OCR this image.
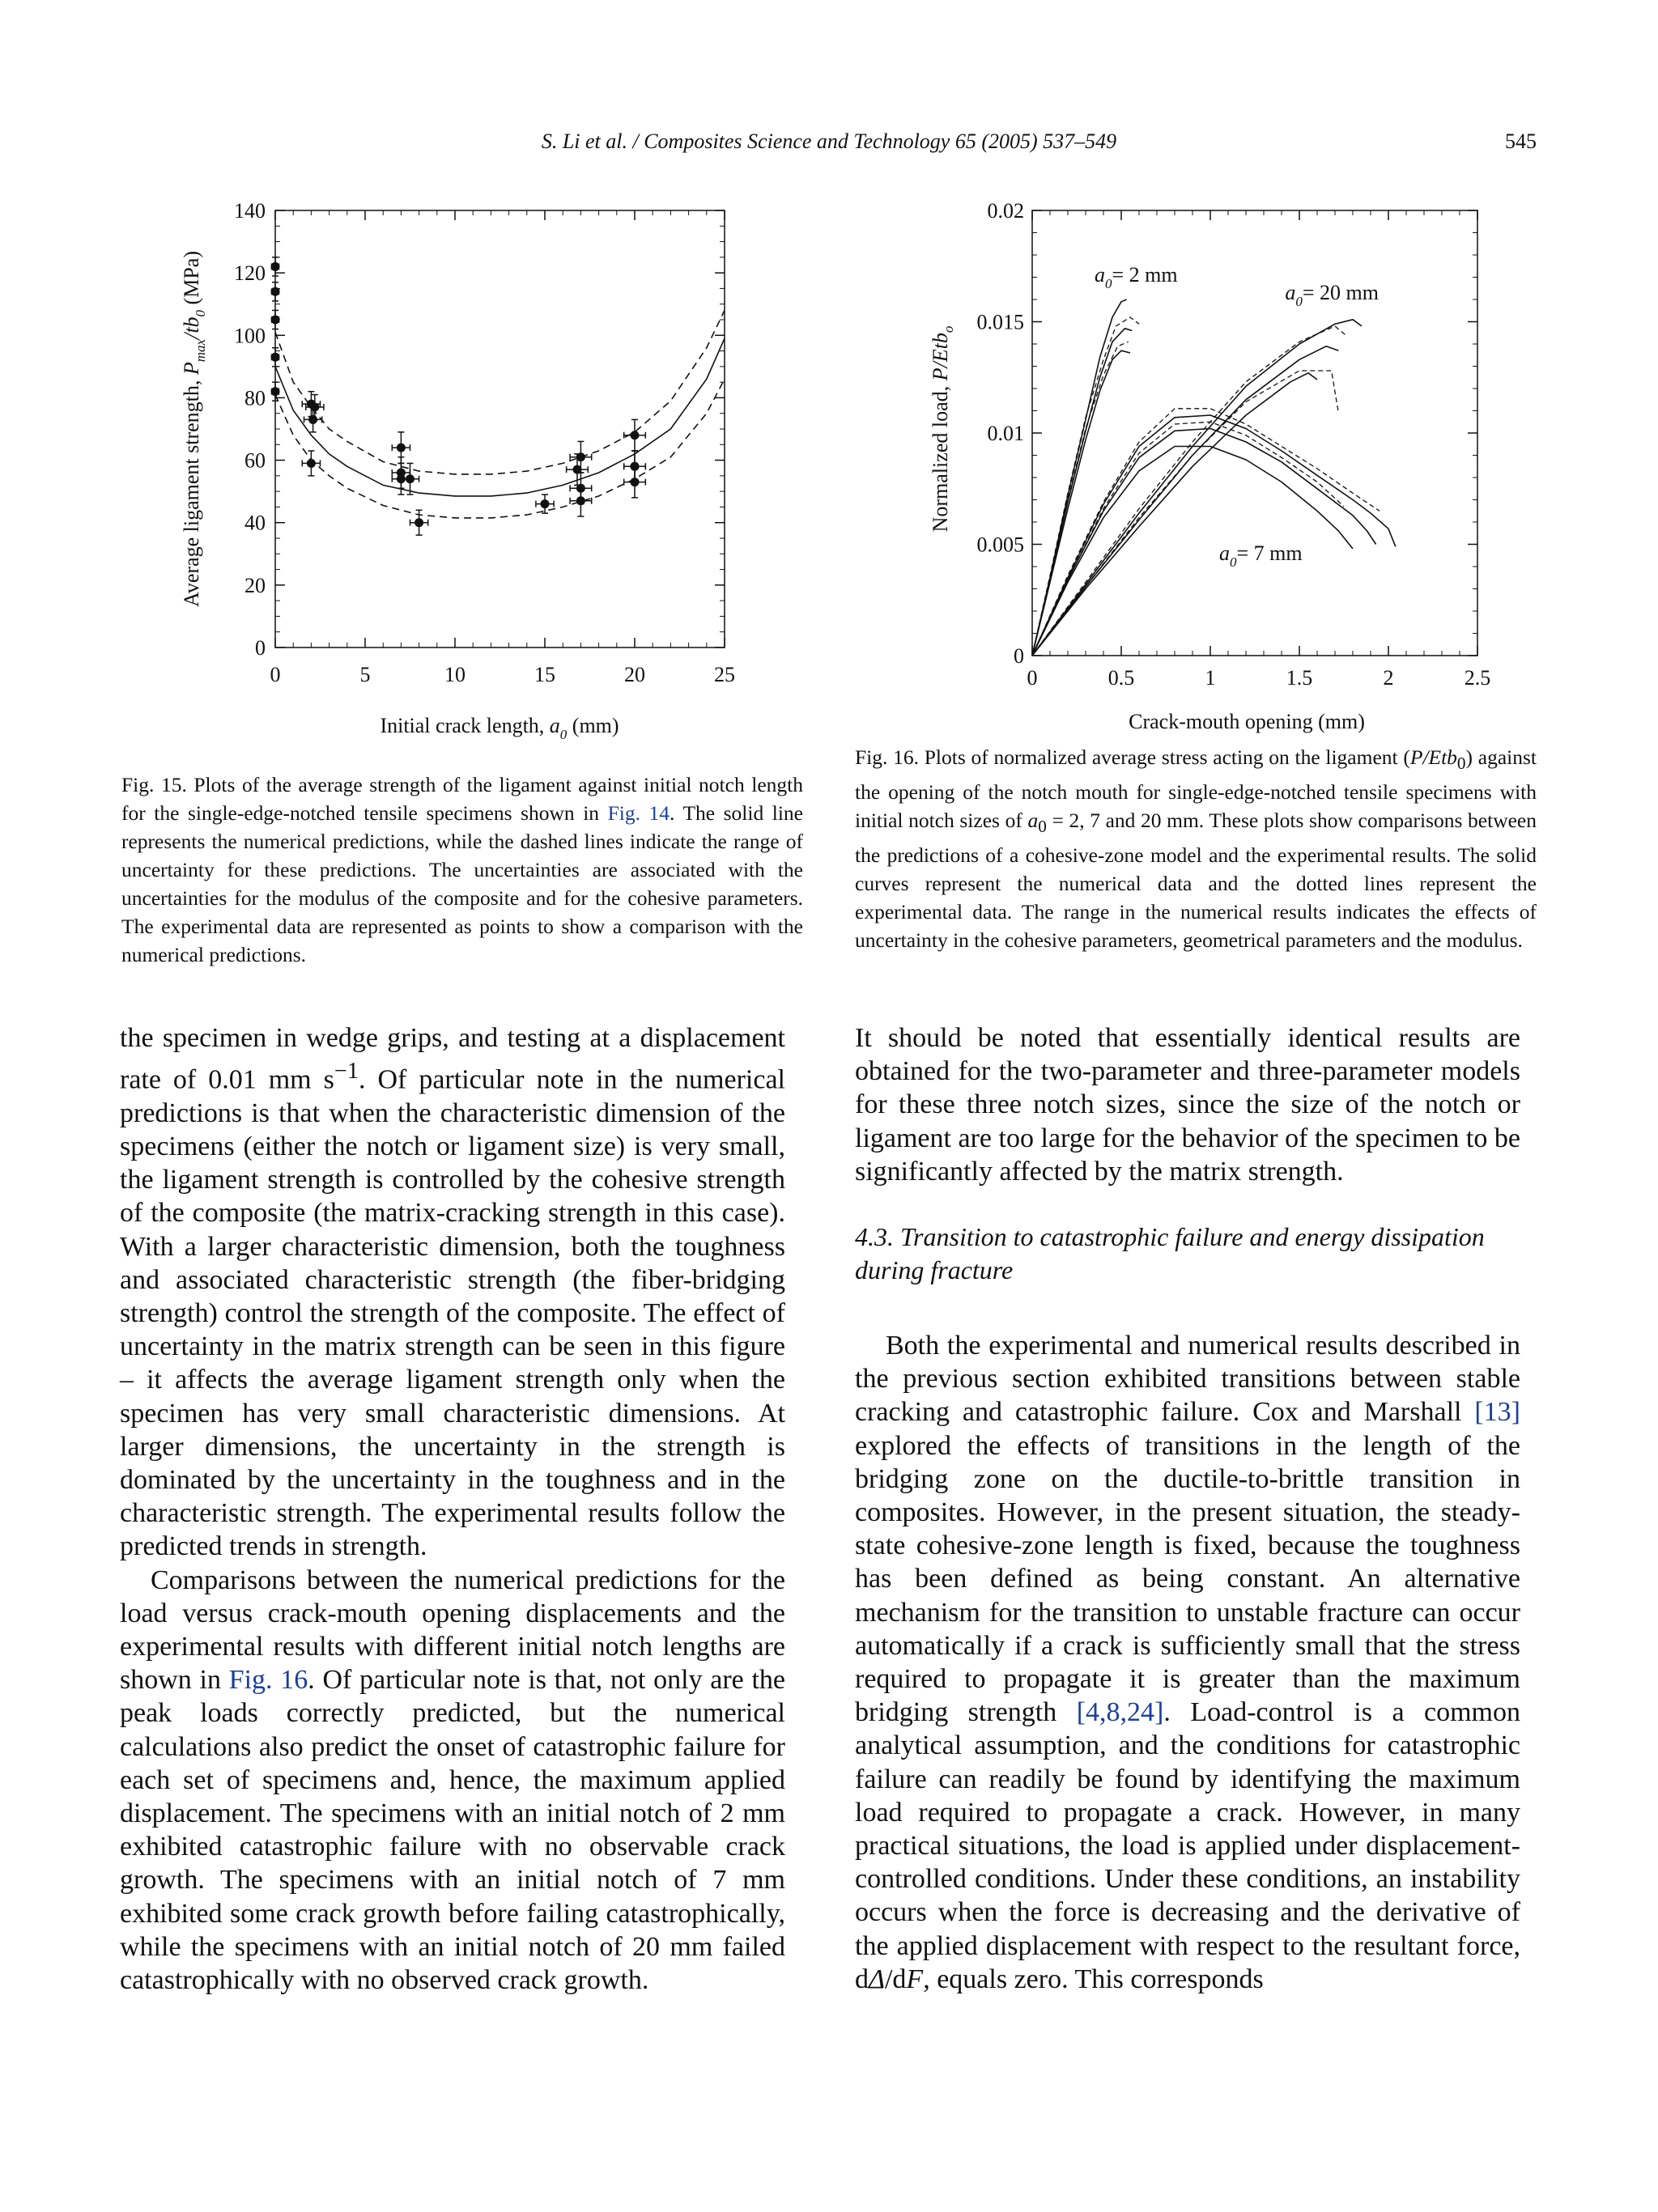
S. Li et al. / Composites Science and Technology 65 (2005) 537–549	545
0	5	10	15	20	25
0
20
40
60
80
100
120
140
Initial crack length, $a_0$ (mm)
Average ligament strength, $P_{max}/tb_0$ (MPa)
0	0.5	1	1.5	2	2.5
0
0.005
0.01
0.015
0.02
$a_0= 2$ mm
$a_0= 20$ mm
$a_0= 7$ mm
Crack-mouth opening (mm)
Normalized load, P/Etb$_o$
Fig. 15. Plots of the average strength of the ligament against initial notch length for the single-edge-notched tensile specimens shown in Fig. 14. The solid line represents the numerical predictions, while the dashed lines indicate the range of uncertainty for these predictions. The uncertainties are associated with the uncertainties for the modulus of the composite and for the cohesive parameters. The experimental data are represented as points to show a comparison with the numerical predictions.
Fig. 16. Plots of normalized average stress acting on the ligament (P/Etb$_0$) against the opening of the notch mouth for single-edge-notched tensile specimens with initial notch sizes of $a_0 = 2$, 7 and 20 mm. These plots show comparisons between the predictions of a cohesive-zone model and the experimental results. The solid curves represent the numerical data and the dotted lines represent the experimental data. The range in the numerical results indicates the effects of uncertainty in the cohesive parameters, geometrical parameters and the modulus.

the specimen in wedge grips, and testing at a displacement rate of 0.01 mm $s^{-1}$. Of particular note in the numerical predictions is that when the characteristic dimension of the specimens (either the notch or ligament size) is very small, the ligament strength is controlled by the cohesive strength of the composite (the matrix-cracking strength in this case). With a larger characteristic dimension, both the toughness and associated characteristic strength (the fiber-bridging strength) control the strength of the composite. The effect of uncertainty in the matrix strength can be seen in this figure – it affects the average ligament strength only when the specimen has very small characteristic dimensions. At larger dimensions, the uncertainty in the strength is dominated by the uncertainty in the toughness and in the characteristic strength. The experimental results follow the predicted trends in strength.

Comparisons between the numerical predictions for the load versus crack-mouth opening displacements and the experimental results with different initial notch lengths are shown in Fig. 16. Of particular note is that, not only are the peak loads correctly predicted, but the numerical calculations also predict the onset of catastrophic failure for each set of specimens and, hence, the maximum applied displacement. The specimens with an initial notch of 2 mm exhibited catastrophic failure with no observable crack growth. The specimens with an initial notch of 7 mm exhibited some crack growth before failing catastrophically, while the specimens with an initial notch of 20 mm failed catastrophically with no observed crack growth.

It should be noted that essentially identical results are obtained for the two-parameter and three-parameter models for these three notch sizes, since the size of the notch or ligament are too large for the behavior of the specimen to be significantly affected by the matrix strength.

4.3. Transition to catastrophic failure and energy dissipation during fracture

Both the experimental and numerical results described in the previous section exhibited transitions between stable cracking and catastrophic failure. Cox and Marshall [13] explored the effects of transitions in the length of the bridging zone on the ductile-to-brittle transition in composites. However, in the present situation, the steady-state cohesive-zone length is fixed, because the toughness has been defined as being constant. An alternative mechanism for the transition to unstable fracture can occur automatically if a crack is sufficiently small that the stress required to propagate it is greater than the maximum bridging strength [4,8,24]. Load-control is a common analytical assumption, and the conditions for catastrophic failure can readily be found by identifying the maximum load required to propagate a crack. However, in many practical situations, the load is applied under displacement-controlled conditions. Under these conditions, an instability occurs when the force is decreasing and the derivative of the applied displacement with respect to the resultant force, dΔ/dF, equals zero. This corresponds
